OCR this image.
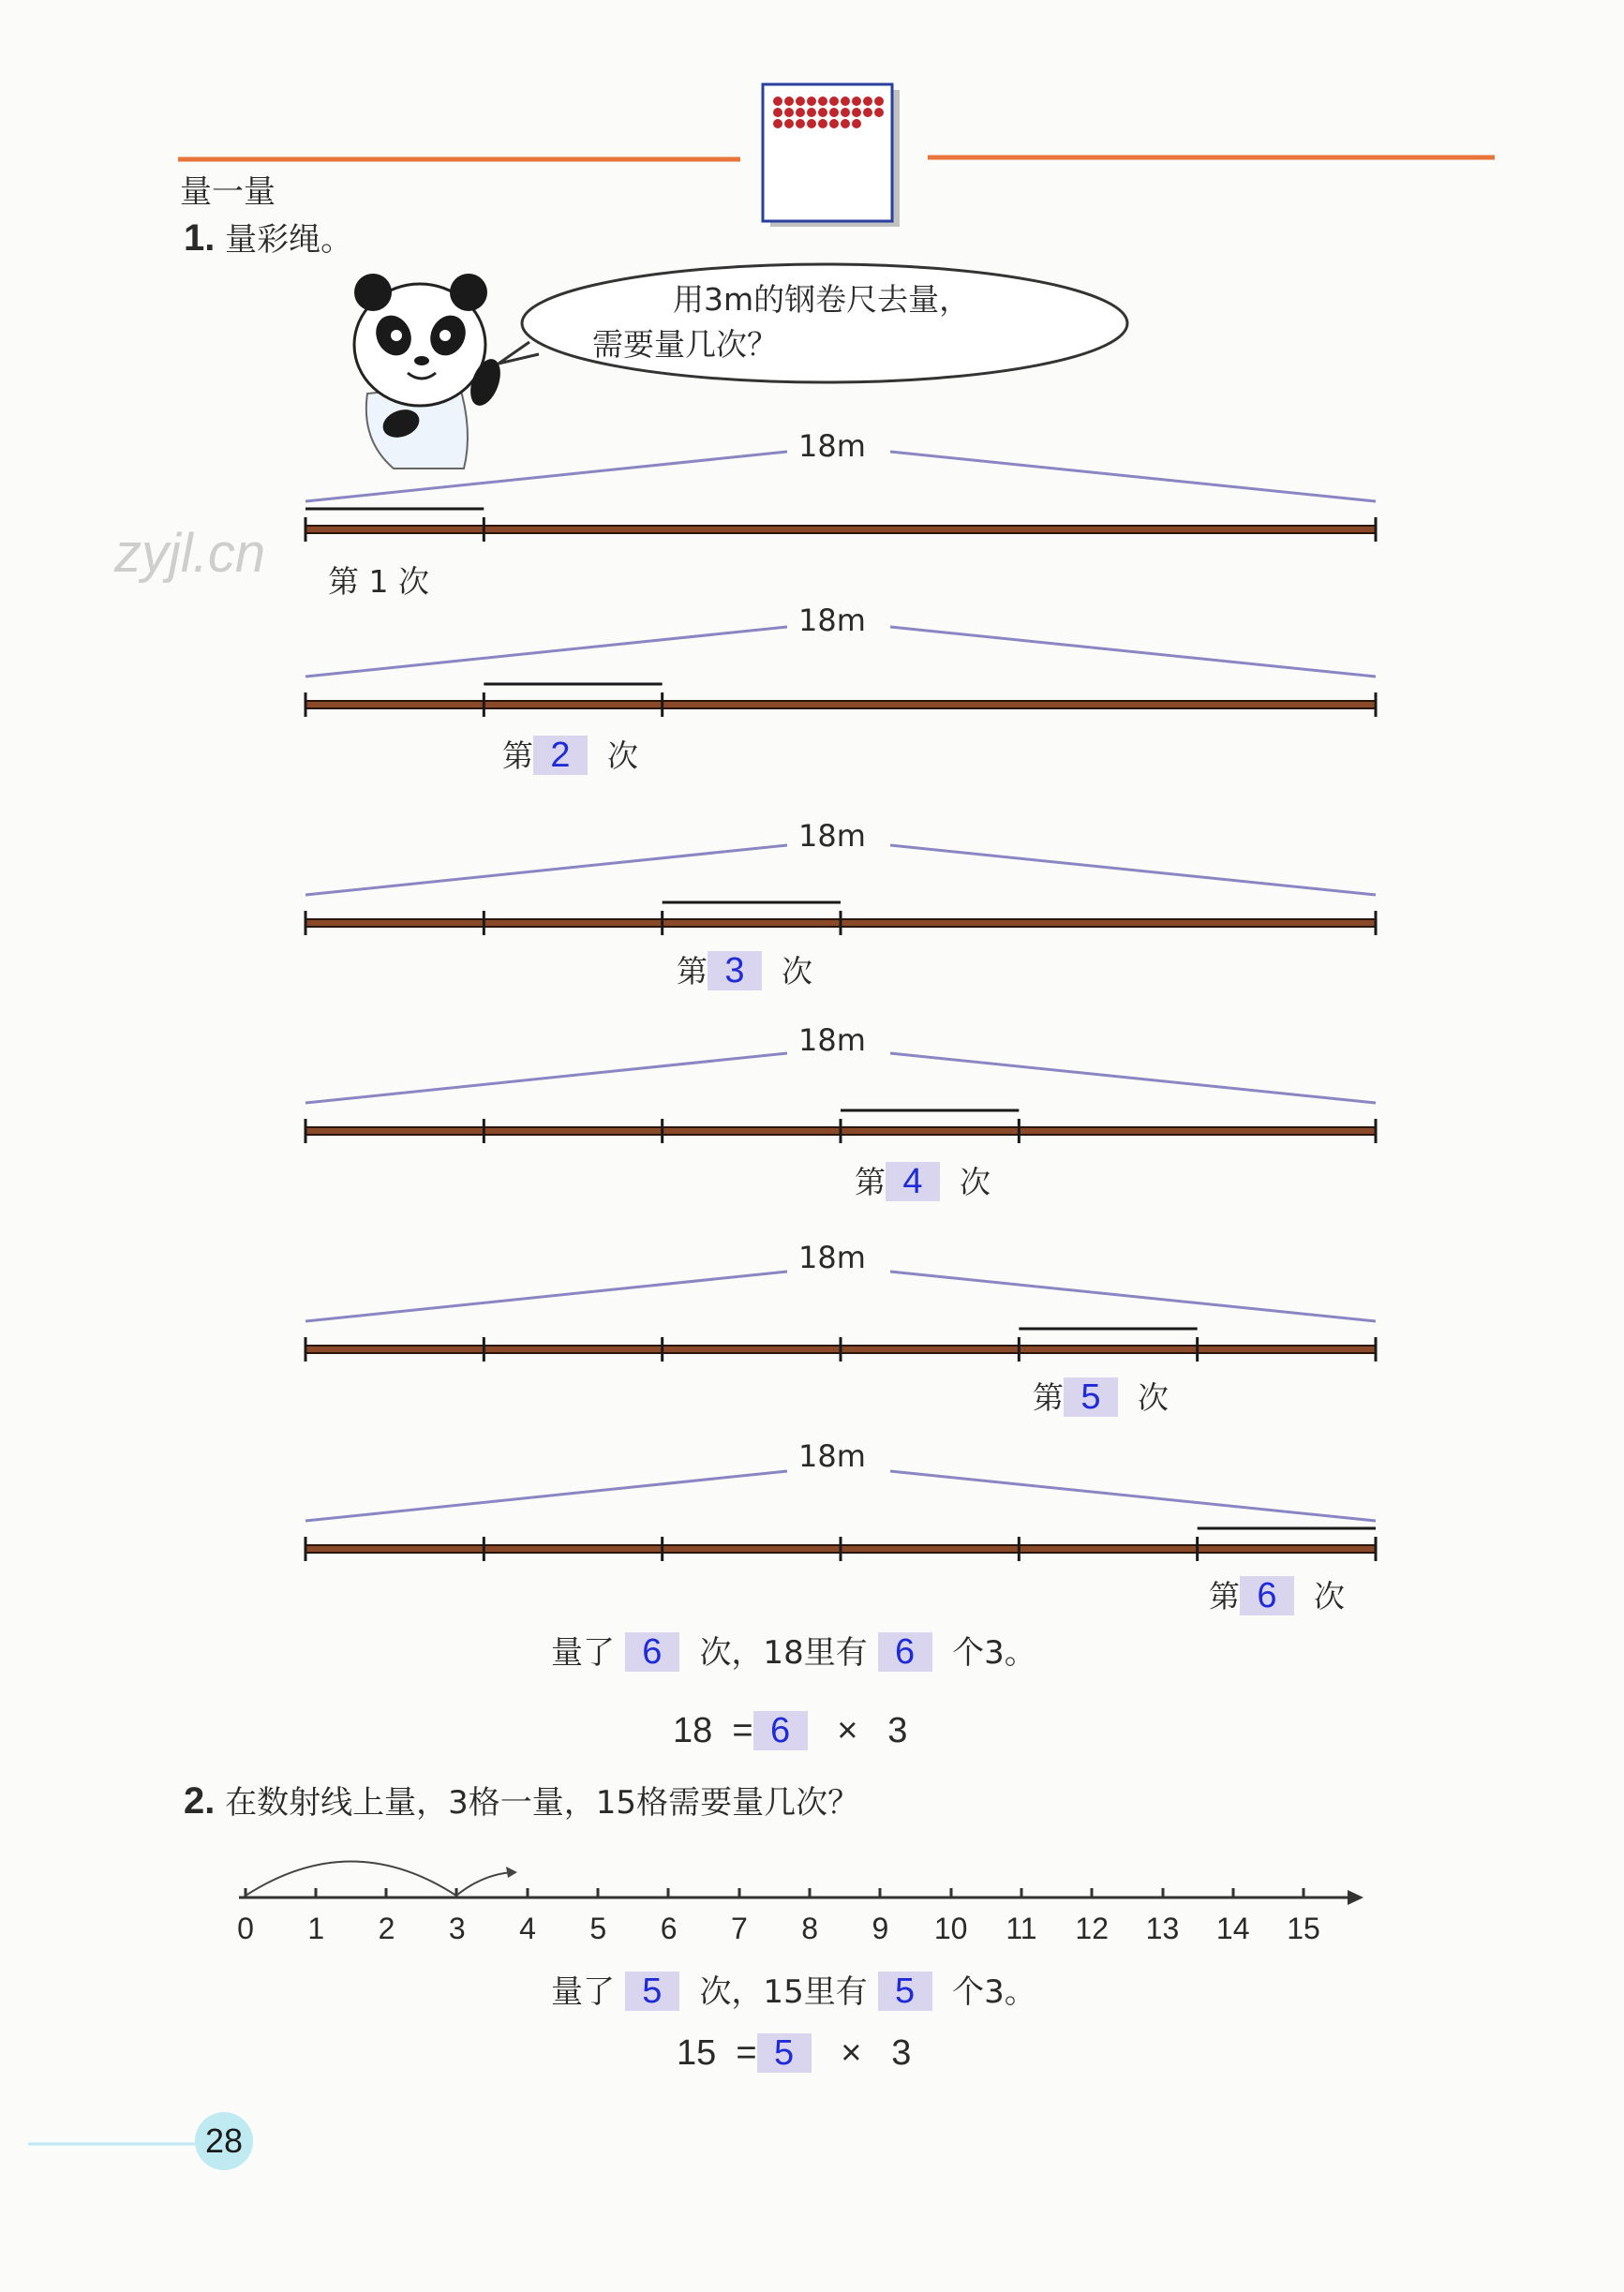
量一量
1. 量彩绳。
用3m的钢卷尺去量，
需要量几次？
zyjl.cn
18m
18m
18m
18m
18m
18m
第 1 次
第 2 次
第 3 次
第 4 次
第 5 次
第 6 次
量了 6 次，18里有 6 个3。
18 = 6 × 3
2. 在数射线上量，3格一量，15格需要量几次？
0 1 2 3 4 5 6 7 8 9 10 11 12 13 14 15
量了 5 次，15里有 5 个3。
15 = 5 × 3
28
